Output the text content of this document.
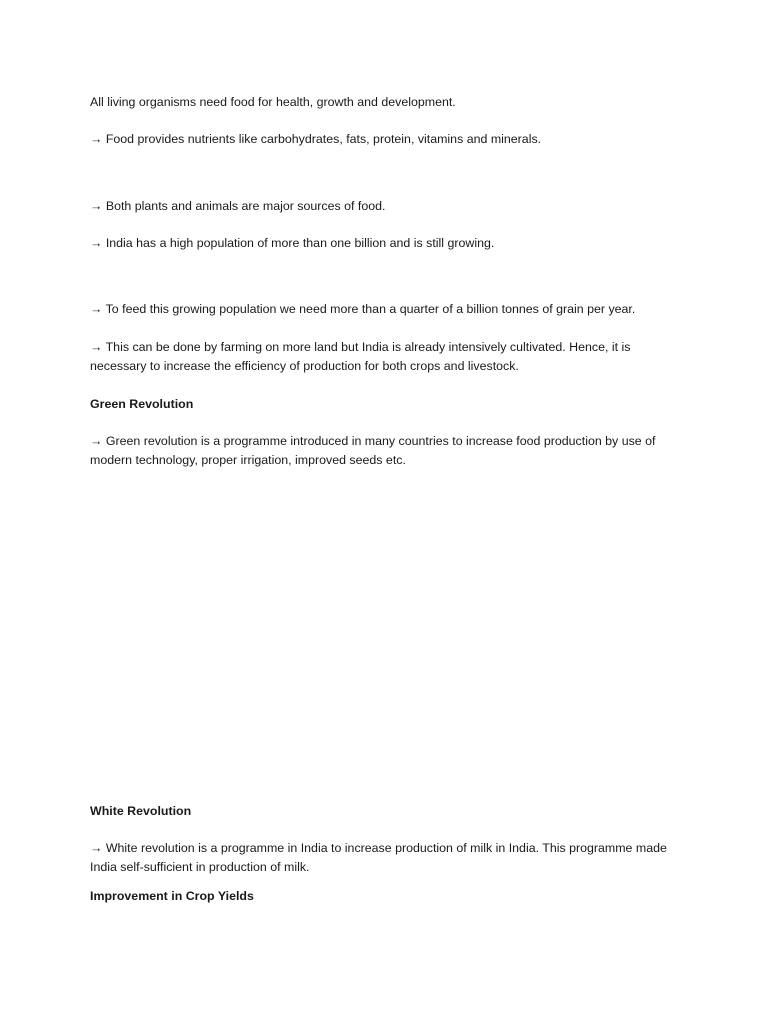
All living organisms need food for health, growth and development.

→ Food provides nutrients like carbohydrates, fats, protein, vitamins and minerals.

→ Both plants and animals are major sources of food.

→ India has a high population of more than one billion and is still growing.

→ To feed this growing population we need more than a quarter of a billion tonnes of grain per year.

→ This can be done by farming on more land but India is already intensively cultivated. Hence, it is necessary to increase the efficiency of production for both crops and livestock.

Green Revolution

→ Green revolution is a programme introduced in many countries to increase food production by use of modern technology, proper irrigation, improved seeds etc.

White Revolution

→ White revolution is a programme in India to increase production of milk in India. This programme made India self-sufficient in production of milk.

Improvement in Crop Yields
